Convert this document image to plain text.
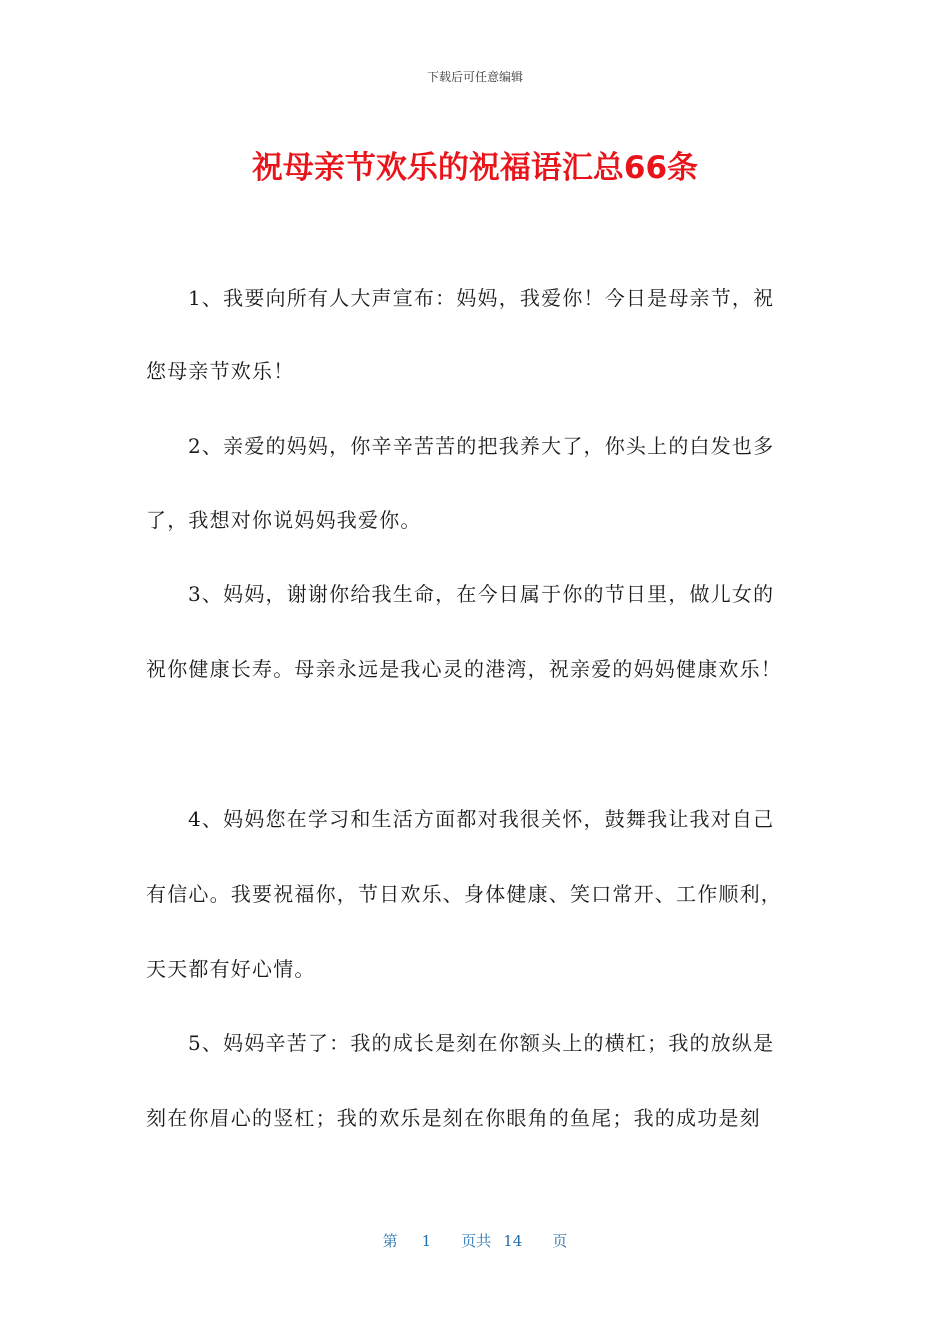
下载后可任意编辑
祝母亲节欢乐的祝福语汇总66条
1、我要向所有人大声宣布：妈妈，我爱你！今日是母亲节，祝
您母亲节欢乐！
2、亲爱的妈妈，你辛辛苦苦的把我养大了，你头上的白发也多
了，我想对你说妈妈我爱你。
3、妈妈，谢谢你给我生命，在今日属于你的节日里，做儿女的
祝你健康长寿。母亲永远是我心灵的港湾，祝亲爱的妈妈健康欢乐！
4、妈妈您在学习和生活方面都对我很关怀，鼓舞我让我对自己
有信心。我要祝福你，节日欢乐、身体健康、笑口常开、工作顺利，
天天都有好心情。
5、妈妈辛苦了：我的成长是刻在你额头上的横杠；我的放纵是
刻在你眉心的竖杠；我的欢乐是刻在你眼角的鱼尾；我的成功是刻
第 1 页共 14 页
